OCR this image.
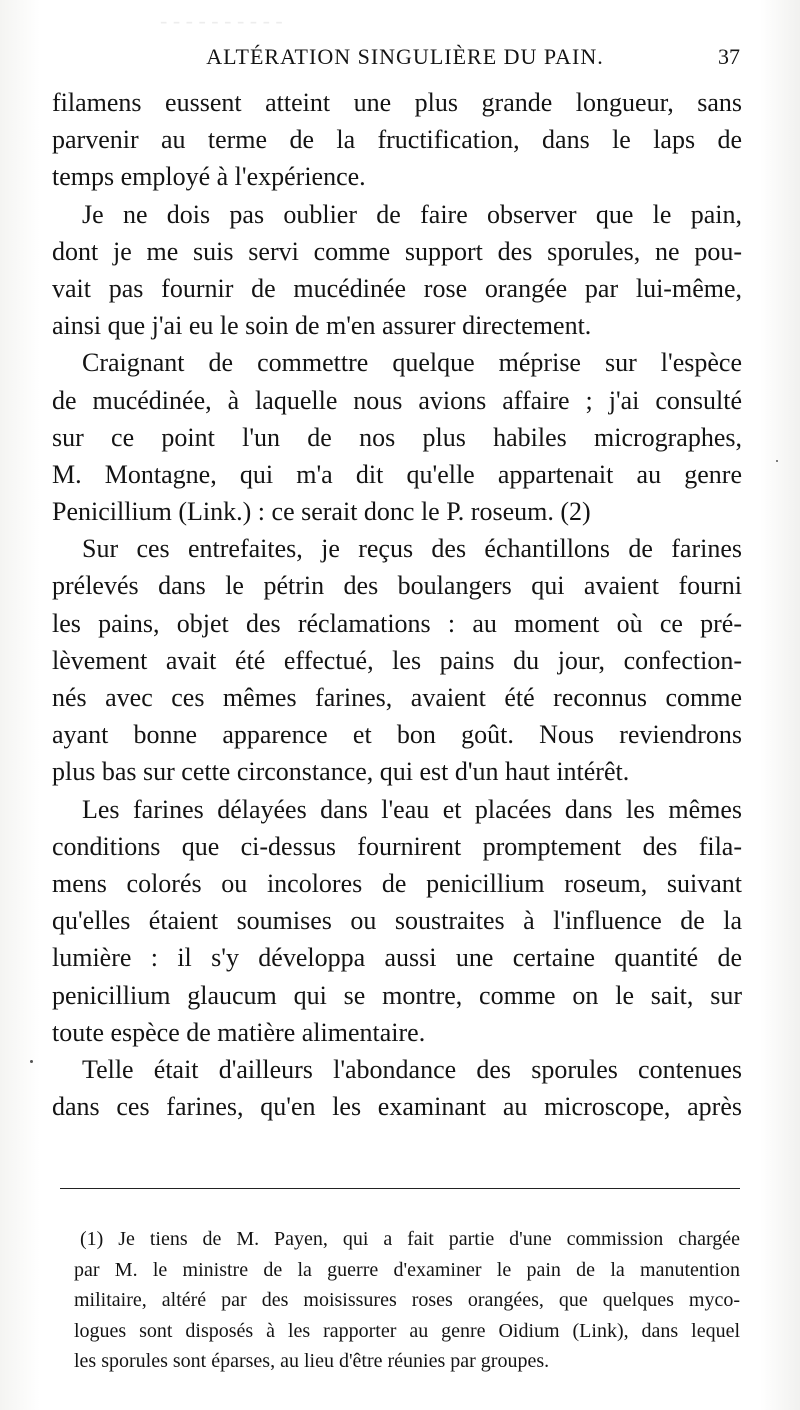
‑ ‑ ‑ ‑ ‑ ‑ ‑ ‑ ‑ ‑
ALTÉRATION SINGULIÈRE DU PAIN.	37
filamens eussent atteint une plus grande longueur, sans
parvenir au terme de la fructification, dans le laps de
temps employé à l'expérience.
Je ne dois pas oublier de faire observer que le pain,
dont je me suis servi comme support des sporules, ne pou-
vait pas fournir de mucédinée rose orangée par lui-même,
ainsi que j'ai eu le soin de m'en assurer directement.
Craignant de commettre quelque méprise sur l'espèce
de mucédinée, à laquelle nous avions affaire ; j'ai consulté
sur ce point l'un de nos plus habiles micrographes,
M. Montagne, qui m'a dit qu'elle appartenait au genre
Penicillium (Link.) : ce serait donc le P. roseum. (2)
Sur ces entrefaites, je reçus des échantillons de farines
prélevés dans le pétrin des boulangers qui avaient fourni
les pains, objet des réclamations : au moment où ce pré-
lèvement avait été effectué, les pains du jour, confection-
nés avec ces mêmes farines, avaient été reconnus comme
ayant bonne apparence et bon goût. Nous reviendrons
plus bas sur cette circonstance, qui est d'un haut intérêt.
Les farines délayées dans l'eau et placées dans les mêmes
conditions que ci-dessus fournirent promptement des fila-
mens colorés ou incolores de penicillium roseum, suivant
qu'elles étaient soumises ou soustraites à l'influence de la
lumière : il s'y développa aussi une certaine quantité de
penicillium glaucum qui se montre, comme on le sait, sur
toute espèce de matière alimentaire.
Telle était d'ailleurs l'abondance des sporules contenues
dans ces farines, qu'en les examinant au microscope, après
(1) Je tiens de M. Payen, qui a fait partie d'une commission chargée
par M. le ministre de la guerre d'examiner le pain de la manutention
militaire, altéré par des moisissures roses orangées, que quelques myco-
logues sont disposés à les rapporter au genre Oidium (Link), dans lequel
les sporules sont éparses, au lieu d'être réunies par groupes.
